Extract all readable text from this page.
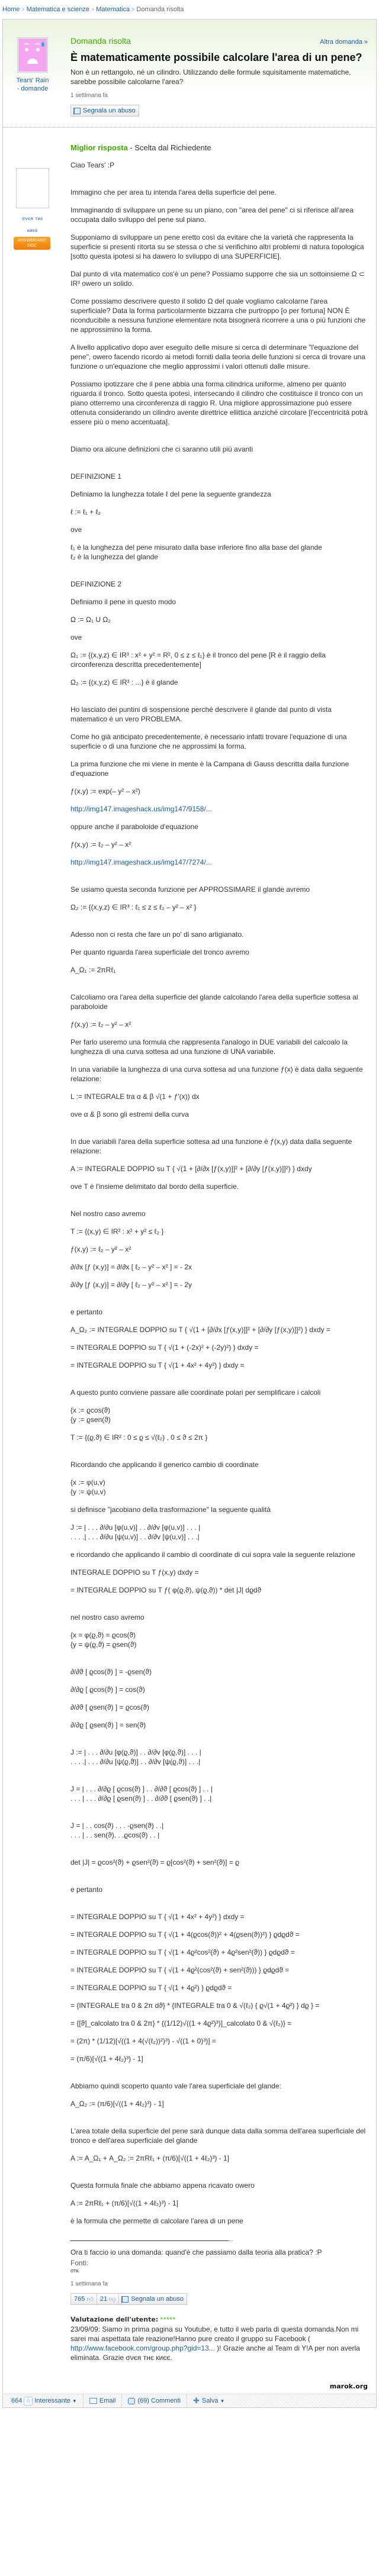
Home > Matematica e scienze > Matematica > Domanda risolta
Tears' Rain - domande
Domanda risolta	Altra domanda »
È matematicamente possibile calcolare l'area di un pene?

Non è un rettangolo, né un cilindro. Utilizzando delle formule squisitamente matematiche, sarebbe possibile calcolarne l'area?

1 settimana fa
Segnala un abuso
σνєя тнє києє
ANSWERIANO DOC
Miglior risposta - Scelta dal Richiedente

Ciao Tears' :P

Immagino che per area tu intenda l'area della superficie del pene.

Immaginando di sviluppare un pene su un piano, con "area del pene" ci si riferisce all'area occupata dallo sviluppo del pene sul piano.

Supponiamo di sviluppare un pene eretto così da evitare che la varietà che rappresenta la superficie si presenti ritorta su se stessa o che si verifichino altri problemi di natura topologica [sotto questa ipotesi si ha dawero lo sviluppo di una SUPERFICIE].

Dal punto di vita matematico cos'è un pene? Possiamo supporre che sia un sottoinsieme Ω ⊂ IR³ owero un solido.

Come possiamo descrivere questo il solido Ω del quale vogliamo calcolarne l'area superficiale? Data la forma particolarmente bizzarra che purtroppo [o per fortuna] NON È riconducibile a nessuna funzione elementare nota bisognerà ricorrere a una o più funzioni che ne approssimino la forma.

A livello applicativo dopo aver eseguito delle misure si cerca di determinare "l'equazione del pene", owero facendo ricordo ai metodi forniti dalla teoria delle funzioni si cerca di trovare una funzione o un'equazione che meglio approssimi i valori ottenuti dalle misure.

Possiamo ipotizzare che il pene abbia una forma cilindrica uniforme, almeno per quanto riguarda il tronco. Sotto questa ipotesi, intersecando il cilindro che costituisce il tronco con un piano otterremo una circonferenza di raggio R. Una migliore approssimazione può essere ottenuta considerando un cilindro avente direttrice ellittica anziché circolare [l'eccentricità potrà essere più o meno accentuata].

Diamo ora alcune definizioni che ci saranno utili più avanti

DEFINIZIONE 1

Definiamo la lunghezza totale ℓ del pene la seguente grandezza

ℓ := ℓ₁ + ℓ₂

ove

ℓ₁ è la lunghezza del pene misurato dalla base inferiore fino alla base del glande
ℓ₂ è la lunghezza del glande

DEFINIZIONE 2

Definiamo il pene in questo modo

Ω := Ω₁ U Ω₂

ove

Ω₁ := {(x,y,z) ∈ IR³ : x² + y² = R², 0 ≤ z ≤ ℓ₁} è il tronco del pene [R è il raggio della circonferenza descritta precedentemente]

Ω₂ := {(x,y,z) ∈ IR³ : ...} è il glande

Ho lasciato dei puntini di sospensione perché descrivere il glande dal punto di vista matematico è un vero PROBLEMA.

Come ho già anticipato precedentemente, è necessario infatti trovare l'equazione di una superficie o di una funzione che ne approssimi la forma.

La prima funzione che mi viene in mente è la Campana di Gauss descritta dalla funzione d'equazione

ƒ(x,y) := exp(– y² – x²)

http://img147.imageshack.us/img147/9158/...

oppure anche il paraboloide d'equazione

ƒ(x,y) := ℓ₂ – y² – x²

http://img147.imageshack.us/img147/7274/...

Se usiamo questa seconda funzione per APPROSSIMARE il glande avremo

Ω₂ := {(x,y,z) ∈ IR³ : ℓ₁ ≤ z ≤ ℓ₂ – y² – x² }

Adesso non ci resta che fare un po' di sano artigianato.

Per quanto riguarda l'area superficiale del tronco avremo

A_Ω₁ := 2πRℓ₁

Calcoliamo ora l'area della superficie del glande calcolando l'area della superficie sottesa al paraboloide

ƒ(x,y) := ℓ₂ – y² – x²

Per farlo useremo una formula che rappresenta l'analogo in DUE variabili del calcoalo la lunghezza di una curva sottesa ad una funzione di UNA variabile.

In una variabile la lunghezza di una curva sottesa ad una funzione ƒ(x) è data dalla seguente relazione:

L := INTEGRALE tra α & β √(1 + ƒ'(x)) dx

ove α & β sono gli estremi della curva

In due variabili l'area della superficie sottesa ad una funzione è ƒ(x,y) data dalla seguente relazione:

A := INTEGRALE DOPPIO su T { √(1 + [∂/∂x [ƒ(x,y)]]² + [∂/∂y [ƒ(x,y)]]²) } dxdy

ove T è l'insieme delimitato dal bordo della superficie.

Nel nostro caso avremo

T := {(x,y) ∈ IR² : x² + y² ≤ ℓ₂ }

ƒ(x,y) := ℓ₂ – y² – x²

∂/∂x [ƒ (x,y)] = ∂/∂x [ ℓ₂ – y² – x² ] = - 2x

∂/∂y [ƒ (x,y)] = ∂/∂y [ ℓ₂ – y² – x² ] = - 2y

e pertanto

A_Ω₂ := INTEGRALE DOPPIO su T { √(1 + [∂/∂x [ƒ(x,y)]]² + [∂/∂y [ƒ(x,y)]]²) } dxdy =

= INTEGRALE DOPPIO su T { √(1 + (-2x)² + (-2y)²) } dxdy =

= INTEGRALE DOPPIO su T { √(1 + 4x² + 4y²) } dxdy =

A questo punto conviene passare alle coordinate polari per semplificare i calcoli

{x := ϱcos(ϑ)
{y := ϱsen(ϑ)

T := {(ϱ,ϑ) ∈ IR² : 0 ≤ ϱ ≤ √(ℓ₂) , 0 ≤ ϑ ≤ 2π }

Ricordando che applicando il generico cambio di coordinate

{x := φ(u,v)
{y := ψ(u,v)

si definisce "jacobiano della trasformazione" la seguente qualità

J := | . . . ∂/∂u [φ(u,v)] . . ∂/∂v [φ(u,v)] . . . |
. . . .| . . . ∂/∂u [ψ(u,v)] . . ∂/∂v [ψ(u,v)] . . .|

e ricordando che applicando il cambio di coordinate di cui sopra vale la seguente relazione

INTEGRALE DOPPIO su T ƒ(x,y) dxdy =

= INTEGRALE DOPPIO su T ƒ( φ(ϱ,ϑ), ψ(ϱ,ϑ)) * det |J| dϱdϑ

nel nostro caso avremo

{x = φ(ϱ,ϑ) = ϱcos(ϑ)
{y = ψ(ϱ,ϑ) = ϱsen(ϑ)

∂/∂ϑ [ ϱcos(ϑ) ] = -ϱsen(ϑ)

∂/∂ϱ [ ϱcos(ϑ) ] = cos(ϑ)

∂/∂ϑ [ ϱsen(ϑ) ] = ϱcos(ϑ)

∂/∂ϱ [ ϱsen(ϑ) ] = sen(ϑ)

J := | . . . ∂/∂u [φ(ϱ,ϑ)] . . ∂/∂v [φ(ϱ,ϑ)] . . . |
. . . .| . . . ∂/∂u [ψ(ϱ,ϑ)] . . ∂/∂v [ψ(ϱ,ϑ)] . . .|

J = | . . . ∂/∂ϱ [ ϱcos(ϑ) ] . . ∂/∂ϑ [ ϱcos(ϑ) ] . . |
. . . | . . . ∂/∂ϱ [ ϱsen(ϑ) ] . . ∂/∂ϑ [ ϱsen(ϑ) ] . .|

J = | . . cos(ϑ) . . . -ϱsen(ϑ) . .|
. . . | . . sen(ϑ). . .ϱcos(ϑ) . . |

det |J| = ϱcos²(ϑ) + ϱsen²(ϑ) = ϱ[cos²(ϑ) + sen²(ϑ)] = ϱ

e pertanto

= INTEGRALE DOPPIO su T { √(1 + 4x² + 4y²) } dxdy =

= INTEGRALE DOPPIO su T { √(1 + 4(ϱcos(ϑ))² + 4(ϱsen(ϑ))²) } ϱdϱdϑ =

= INTEGRALE DOPPIO su T { √(1 + 4ϱ²cos²(ϑ) + 4ϱ²sen²(ϑ)) } ϱdϱdϑ =

= INTEGRALE DOPPIO su T { √(1 + 4ϱ²(cos²(ϑ) + sen²(ϑ))) } ϱdϱdϑ =

= INTEGRALE DOPPIO su T { √(1 + 4ϱ²) } ϱdϱdϑ =

= {INTEGRALE tra 0 & 2π dϑ} * {INTEGRALE tra 0 & √(ℓ₂) { ϱ√(1 + 4ϱ²) } dϱ } =

= {[ϑ]_calcolato tra 0 & 2π} * {(1/12)√((1 + 4ϱ²)³)]_calcolato 0 & √(ℓ₂)} =

= (2π) * (1/12)[√((1 + 4(√(ℓ₂))²)³) - √((1 + 0)³)] =

= (π/6)[√((1 + 4ℓ₂)³) - 1]

Abbiamo quindi scoperto quanto vale l'area superficiale del glande:

A_Ω₂ := (π/6)[√((1 + 4ℓ₂)³) - 1]

L'area totale della superficie del pene sarà dunque data dalla somma dell'area superficiale del tronco e dell'area superficiale del glande

A := A_Ω₁ + A_Ω₂ := 2πRℓ₁ + (π/6)[√((1 + 4ℓ₂)³) - 1]

Questa formula finale che abbiamo appena ricavato owero

A := 2πRℓ₁ + (π/6)[√((1 + 4ℓ₂)³) - 1]

è la formula che permette di calcolare l'area di un pene

...

Ora ti faccio io una domanda: quand'è che passiamo dalla teoria alla pratica? :P

Fonti:
σтк
1 settimana fa
765 👍︎ 21 👎︎ Segnala un abuso
Valutazione dell'utente: *****
23/09/09: Siamo in prima pagina su Youtube, e tutto il web parla di questa domanda.Non mi sarei mai aspettata tale reazione!Hanno pure creato il gruppo su Facebook ( http://www.facebook.com/group.php?gid=13... )! Grazie anche al Team di Y!A per non averla eliminata. Grazie σνєя тнє києє.
marok.org
664 ☆ Interessante ▼	Email	(69) Commenti ✚ Salva ▼
